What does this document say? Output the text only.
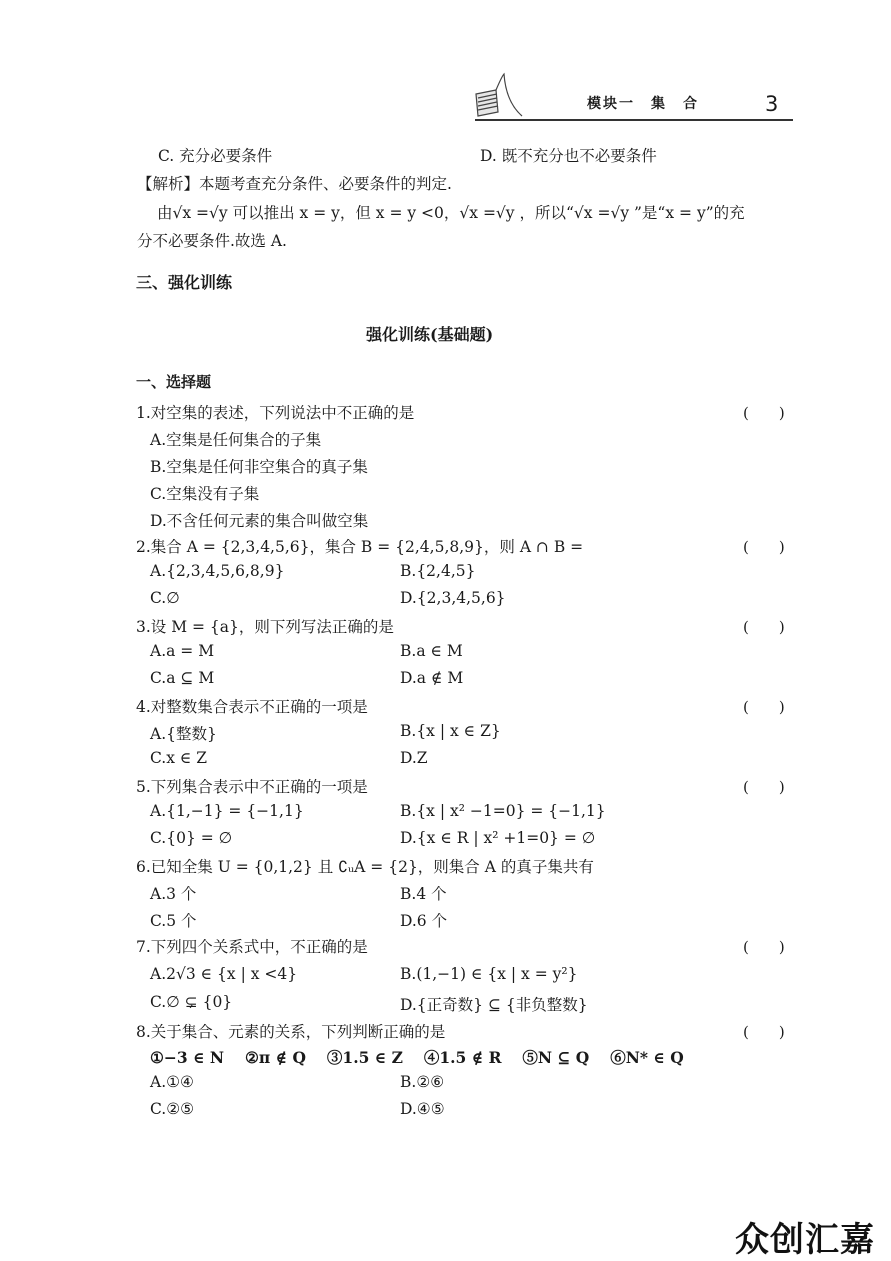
模块一　集　合	3
C. 充分必要条件	D. 既不充分也不必要条件
【解析】本题考查充分条件、必要条件的判定.
由√x =√y 可以推出 x = y，但 x = y <0，√x =√y ，所以“√x =√y ”是“x = y”的充
分不必要条件.故选 A.
三、强化训练
强化训练(基础题)
一、选择题
1.对空集的表述，下列说法中不正确的是	(　　)
A.空集是任何集合的子集
B.空集是任何非空集合的真子集
C.空集没有子集
D.不含任何元素的集合叫做空集
2.集合 A = {2,3,4,5,6}，集合 B = {2,4,5,8,9}，则 A ∩ B =	(　　)
A.{2,3,4,5,6,8,9}	B.{2,4,5}
C.∅	D.{2,3,4,5,6}
3.设 M = {a}，则下列写法正确的是	(　　)
A.a = M	B.a ∈ M
C.a ⊆ M	D.a ∉ M
4.对整数集合表示不正确的一项是	(　　)
A.{整数}	B.{x | x ∈ Z}
C.x ∈ Z	D.Z
5.下列集合表示中不正确的一项是	(　　)
A.{1,−1} = {−1,1}	B.{x | x² −1=0} = {−1,1}
C.{0} = ∅	D.{x ∈ R | x² +1=0} = ∅
6.已知全集 U = {0,1,2} 且 ∁ᵤA = {2}，则集合 A 的真子集共有
A.3 个	B.4 个
C.5 个	D.6 个
7.下列四个关系式中，不正确的是	(　　)
A.2√3 ∈ {x | x <4}	B.(1,−1) ∈ {x | x = y²}
C.∅ ⊊ {0}	D.{正奇数} ⊆ {非负整数}
8.关于集合、元素的关系，下列判断正确的是	(　　)
①−3 ∈ N　 ②π ∉ Q　 ③1.5 ∈ Z　 ④1.5 ∉ R　 ⑤N ⊆ Q　 ⑥N* ∈ Q
A.①④	B.②⑥
C.②⑤	D.④⑤
众创汇嘉
